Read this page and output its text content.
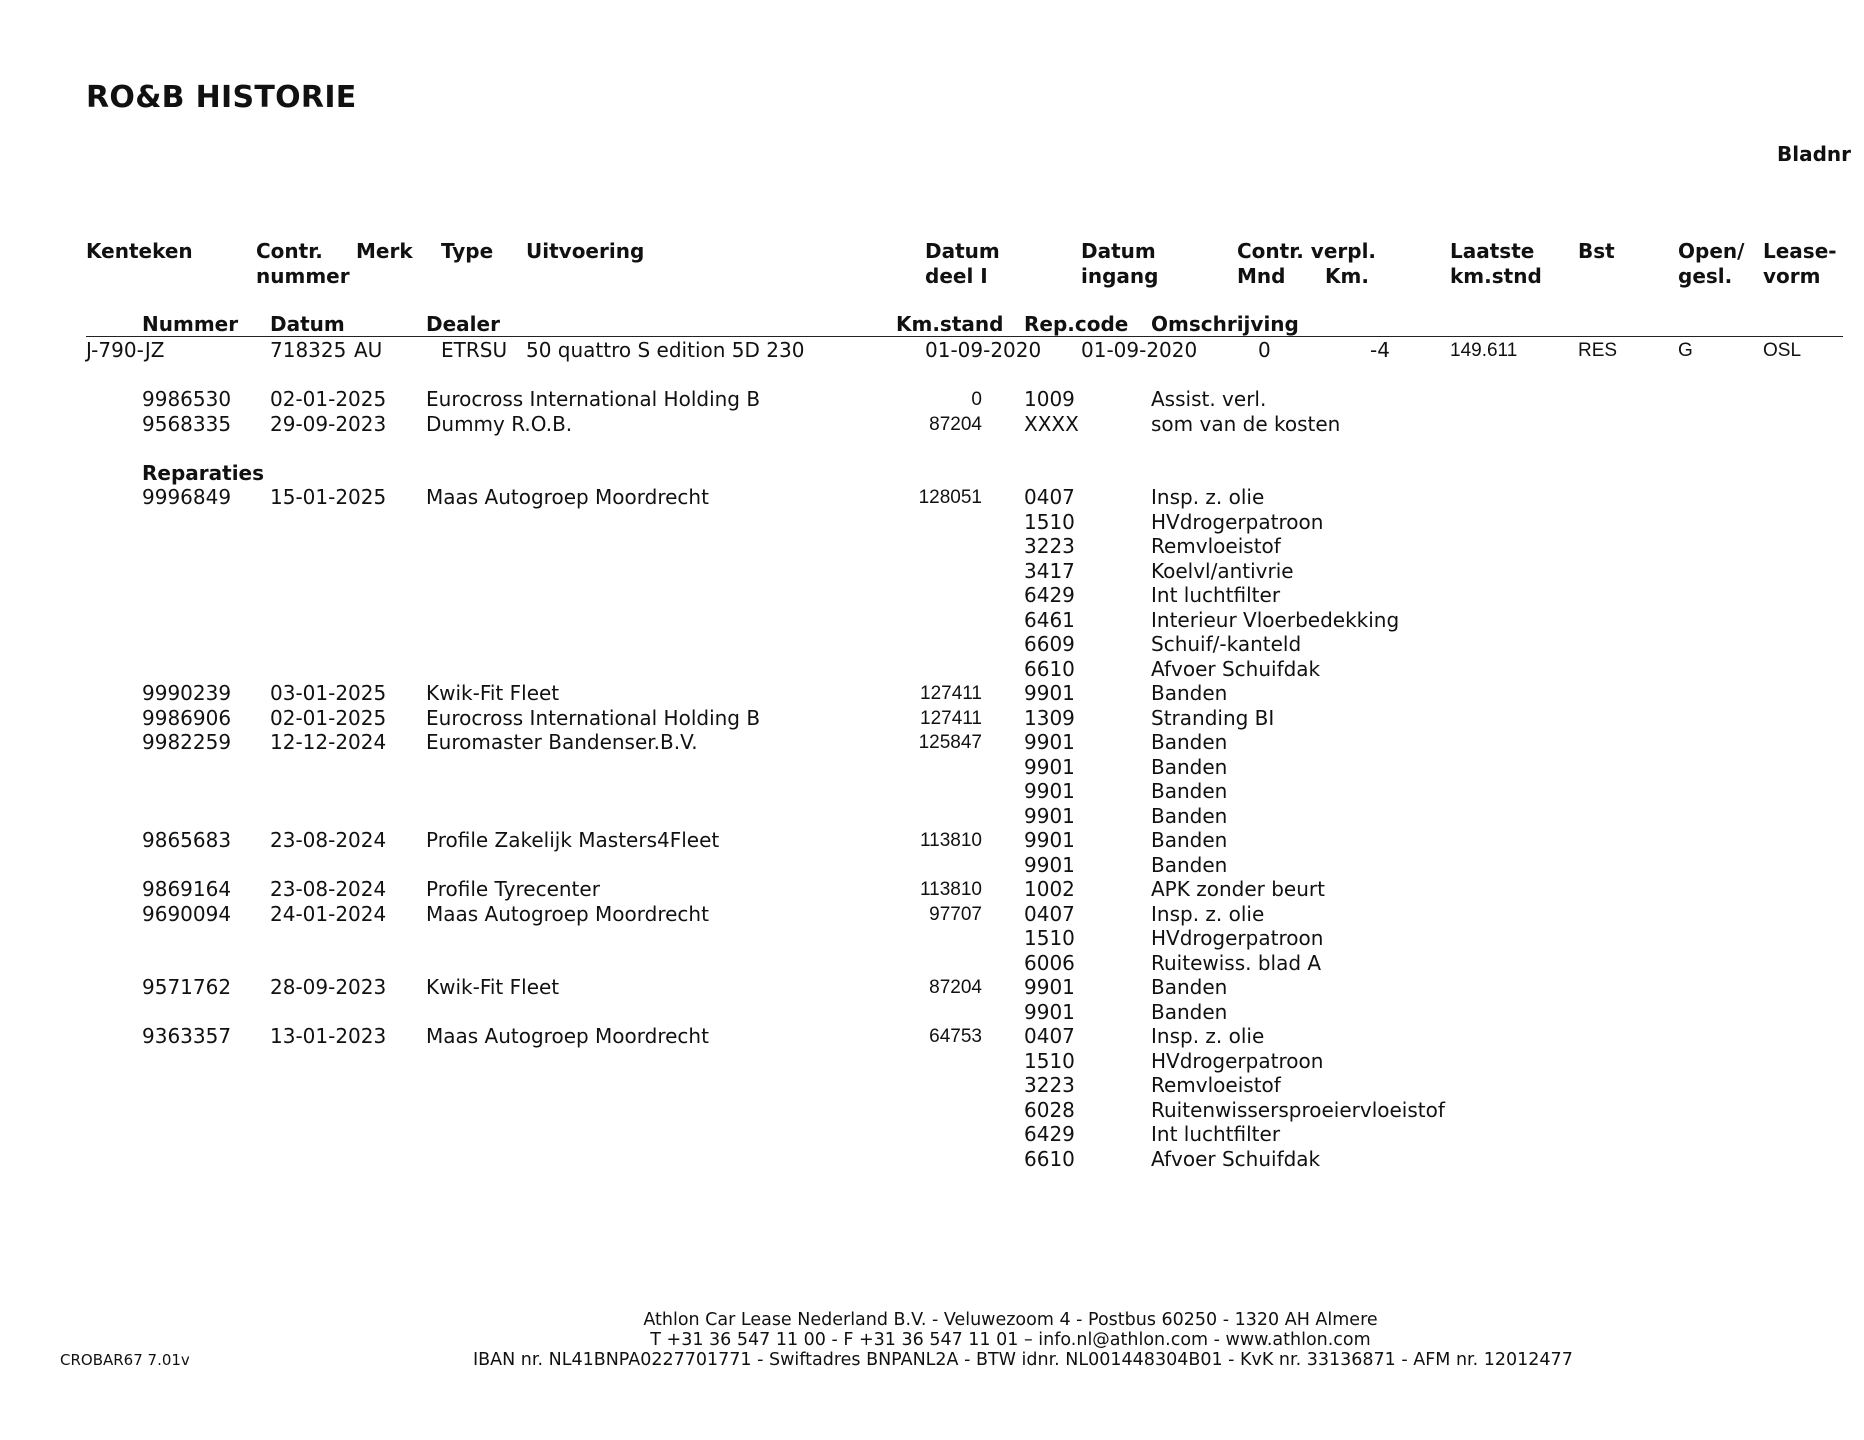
RO&B HISTORIE
Bladnr
Kenteken	Contr.
nummer
Merk Type Uitvoering	Datum
deel I
Datum
ingang
Contr. verpl.
Mnd Km.
Laatste
km.stnd
Bst	Open/
gesl.
Lease-
vorm
Nummer Datum	Dealer	Km.stand Rep.code Omschrijving
J-790-JZ	718325 AU	ETRSU 50 quattro S edition 5D 230	01-09-2020 01-09-2020	0	-4	149.611	RES	G	OSL
9986530 02-01-2025 Eurocross International Holding B	0 1009	Assist. verl.
9568335 29-09-2023 Dummy R.O.B.	87204 XXXX	som van de kosten
Reparaties
9996849 15-01-2025 Maas Autogroep Moordrecht	128051 0407	Insp. z. olie
1510	HVdrogerpatroon
3223	Remvloeistof
3417	Koelvl/antivrie
6429	Int luchtfilter
6461	Interieur Vloerbedekking
6609	Schuif/-kanteld
6610	Afvoer Schuifdak
9990239 03-01-2025 Kwik-Fit Fleet	127411 9901	Banden
9986906 02-01-2025 Eurocross International Holding B	127411 1309	Stranding BI
9982259 12-12-2024 Euromaster Bandenser.B.V.	125847 9901	Banden
9901	Banden
9901	Banden
9901	Banden
9865683 23-08-2024 Profile Zakelijk Masters4Fleet	113810 9901	Banden
9901	Banden
9869164 23-08-2024 Profile Tyrecenter	113810 1002	APK zonder beurt
9690094 24-01-2024 Maas Autogroep Moordrecht	97707 0407	Insp. z. olie
1510	HVdrogerpatroon
6006	Ruitewiss. blad A
9571762 28-09-2023 Kwik-Fit Fleet	87204 9901	Banden
9901	Banden
9363357 13-01-2023 Maas Autogroep Moordrecht	64753 0407	Insp. z. olie
1510	HVdrogerpatroon
3223	Remvloeistof
6028	Ruitenwissersproeiervloeistof
6429	Int luchtfilter
6610	Afvoer Schuifdak
Athlon Car Lease Nederland B.V. - Veluwezoom 4 - Postbus 60250 - 1320 AH Almere
T +31 36 547 11 00 - F +31 36 547 11 01 – info.nl@athlon.com - www.athlon.com
IBAN nr. NL41BNPA0227701771 - Swiftadres BNPANL2A - BTW idnr. NL001448304B01 - KvK nr. 33136871 - AFM nr. 12012477
CROBAR67 7.01v
